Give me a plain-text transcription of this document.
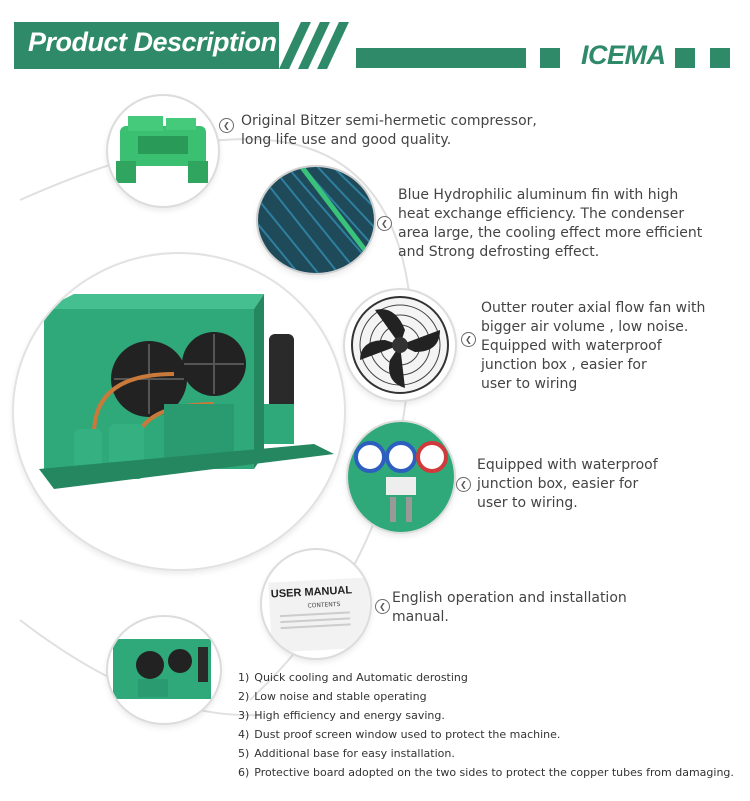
Product Description	ICEMA
❮
❮
❮
❮
USER MANUAL
CONTENTS	❮
Original Bitzer semi-hermetic compressor,
long life use and good quality.
Blue Hydrophilic aluminum fin with high
heat exchange efficiency. The condenser
area large, the cooling effect more efficient
and Strong defrosting effect.
Outter router axial flow fan with
bigger air volume , low noise.
Equipped with waterproof
junction box , easier for
user to wiring
Equipped with waterproof
junction box, easier for
user to wiring.
English operation and installation
manual.
1) Quick cooling and Automatic derosting
2) Low noise and stable operating
3) High efficiency and energy saving.
4) Dust proof screen window used to protect the machine.
5) Additional base for easy installation.
6) Protective board adopted on the two sides to protect the copper tubes from damaging.
